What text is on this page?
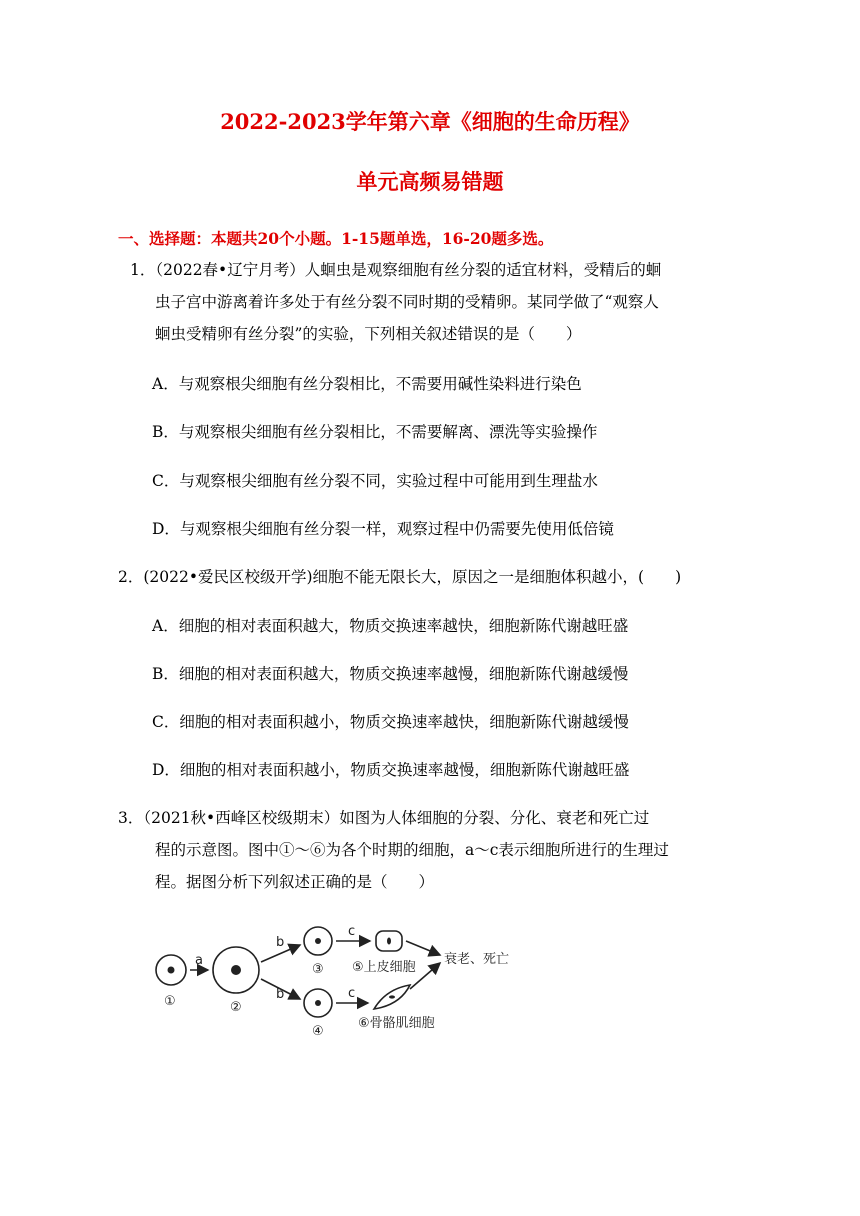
2022-2023学年第六章《细胞的生命历程》
单元高频易错题
一、选择题：本题共20个小题。1-15题单选，16-20题多选。
1．（2022春•辽宁月考）人蛔虫是观察细胞有丝分裂的适宜材料，受精后的蛔
虫子宫中游离着许多处于有丝分裂不同时期的受精卵。某同学做了“观察人
蛔虫受精卵有丝分裂”的实验，下列相关叙述错误的是（　　）
A．与观察根尖细胞有丝分裂相比，不需要用碱性染料进行染色
B．与观察根尖细胞有丝分裂相比，不需要解离、漂洗等实验操作
C．与观察根尖细胞有丝分裂不同，实验过程中可能用到生理盐水
D．与观察根尖细胞有丝分裂一样，观察过程中仍需要先使用低倍镜
2．(2022•爱民区校级开学)细胞不能无限长大，原因之一是细胞体积越小，(　　)
A．细胞的相对表面积越大，物质交换速率越快，细胞新陈代谢越旺盛
B．细胞的相对表面积越大，物质交换速率越慢，细胞新陈代谢越缓慢
C．细胞的相对表面积越小，物质交换速率越快，细胞新陈代谢越缓慢
D．细胞的相对表面积越小，物质交换速率越慢，细胞新陈代谢越旺盛
3．（2021秋•西峰区校级期末）如图为人体细胞的分裂、分化、衰老和死亡过
程的示意图。图中①～⑥为各个时期的细胞，a～c表示细胞所进行的生理过
程。据图分析下列叙述正确的是（　　）
①	②
③
④
a
b
b
c
c
⑤上皮细胞
⑥骨骼肌细胞
衰老、死亡
